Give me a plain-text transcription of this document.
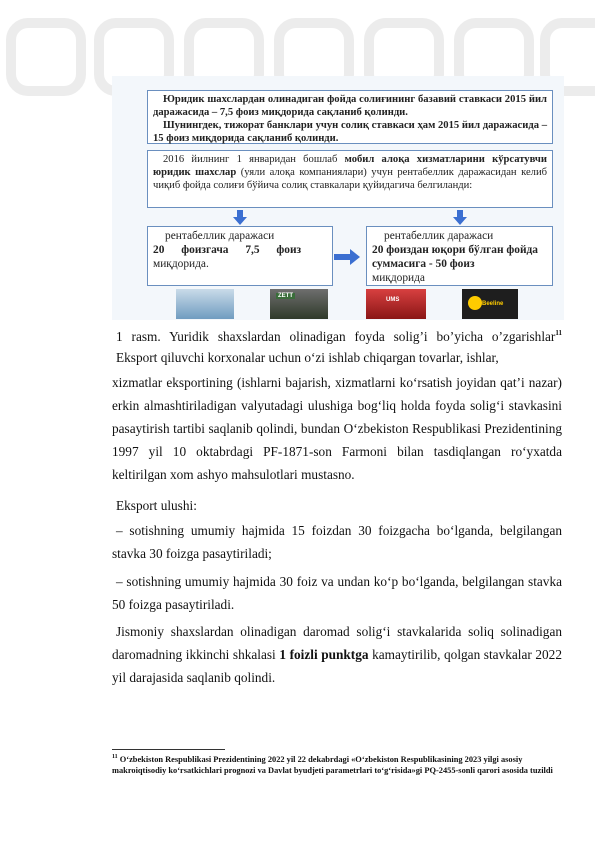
Юридик шахслардан олинадиган фойда солиғининг базавий ставкаси 2015 йил даражасида – 7,5 фоиз миқдорида сақланиб қолинди.

Шунингдек, тижорат банклари учун солиқ ставкаси ҳам 2015 йил даражасида – 15 фоиз миқдорида сақланиб қолинди.

2016 йилнинг 1 январидан бошлаб мобил алоқа хизматларини кўрсатувчи юридик шахслар (уяли алоқа компаниялари) учун рентабеллик даражасидан келиб чиқиб фойда солиғи бўйича солиқ ставкалари қуйидагича белгиланди:

рентабеллик даражаси
20 фоизгача 7,5 фоиз
миқдорида.
рентабеллик даражаси
20 фоиздан юқори бўлган фойда суммасига - 50 фоиз
миқдорида
ZETT
UMS
Beeline
1 rasm. Yuridik shaxslardan olinadigan foyda solig’i bo’yicha o’zgarishlar$^{11}$
Eksport qiluvchi korxonalar uchun o‘zi ishlab chiqargan tovarlar, ishlar,
xizmatlar eksportining (ishlarni bajarish, xizmatlarni ko‘rsatish joyidan qat’i nazar) erkin almashtiriladigan valyutadagi ulushiga bog‘liq holda foyda solig‘i stavkasini pasaytirish tartibi saqlanib qolindi, bundan O‘zbekiston Respublikasi Prezidentining 1997 yil 10 oktabrdagi PF-1871-son Farmoni bilan tasdiqlangan ro‘yxatda keltirilgan xom ashyo mahsulotlari mustasno.
Eksport ulushi:
– sotishning umumiy hajmida 15 foizdan 30 foizgacha bo‘lganda, belgilangan stavka 30 foizga pasaytiriladi;
– sotishning umumiy hajmida 30 foiz va undan ko‘p bo‘lganda, belgilangan stavka 50 foizga pasaytiriladi.
Jismoniy shaxslardan olinadigan daromad solig‘i stavkalarida soliq solinadigan daromadning ikkinchi shkalasi 1 foizli punktga kamaytirilib, qolgan stavkalar 2022 yil darajasida saqlanib qolindi.
$^{11}$ O‘zbekiston Respublikasi Prezidentining 2022 yil 22 dekabrdagi «O‘zbekiston Respublikasining 2023 yilgi asosiy makroiqtisodiy ko‘rsatkichlari prognozi va Davlat byudjeti parametrlari to‘g‘risida»gi PQ-2455-sonli qarori asosida tuzildi
